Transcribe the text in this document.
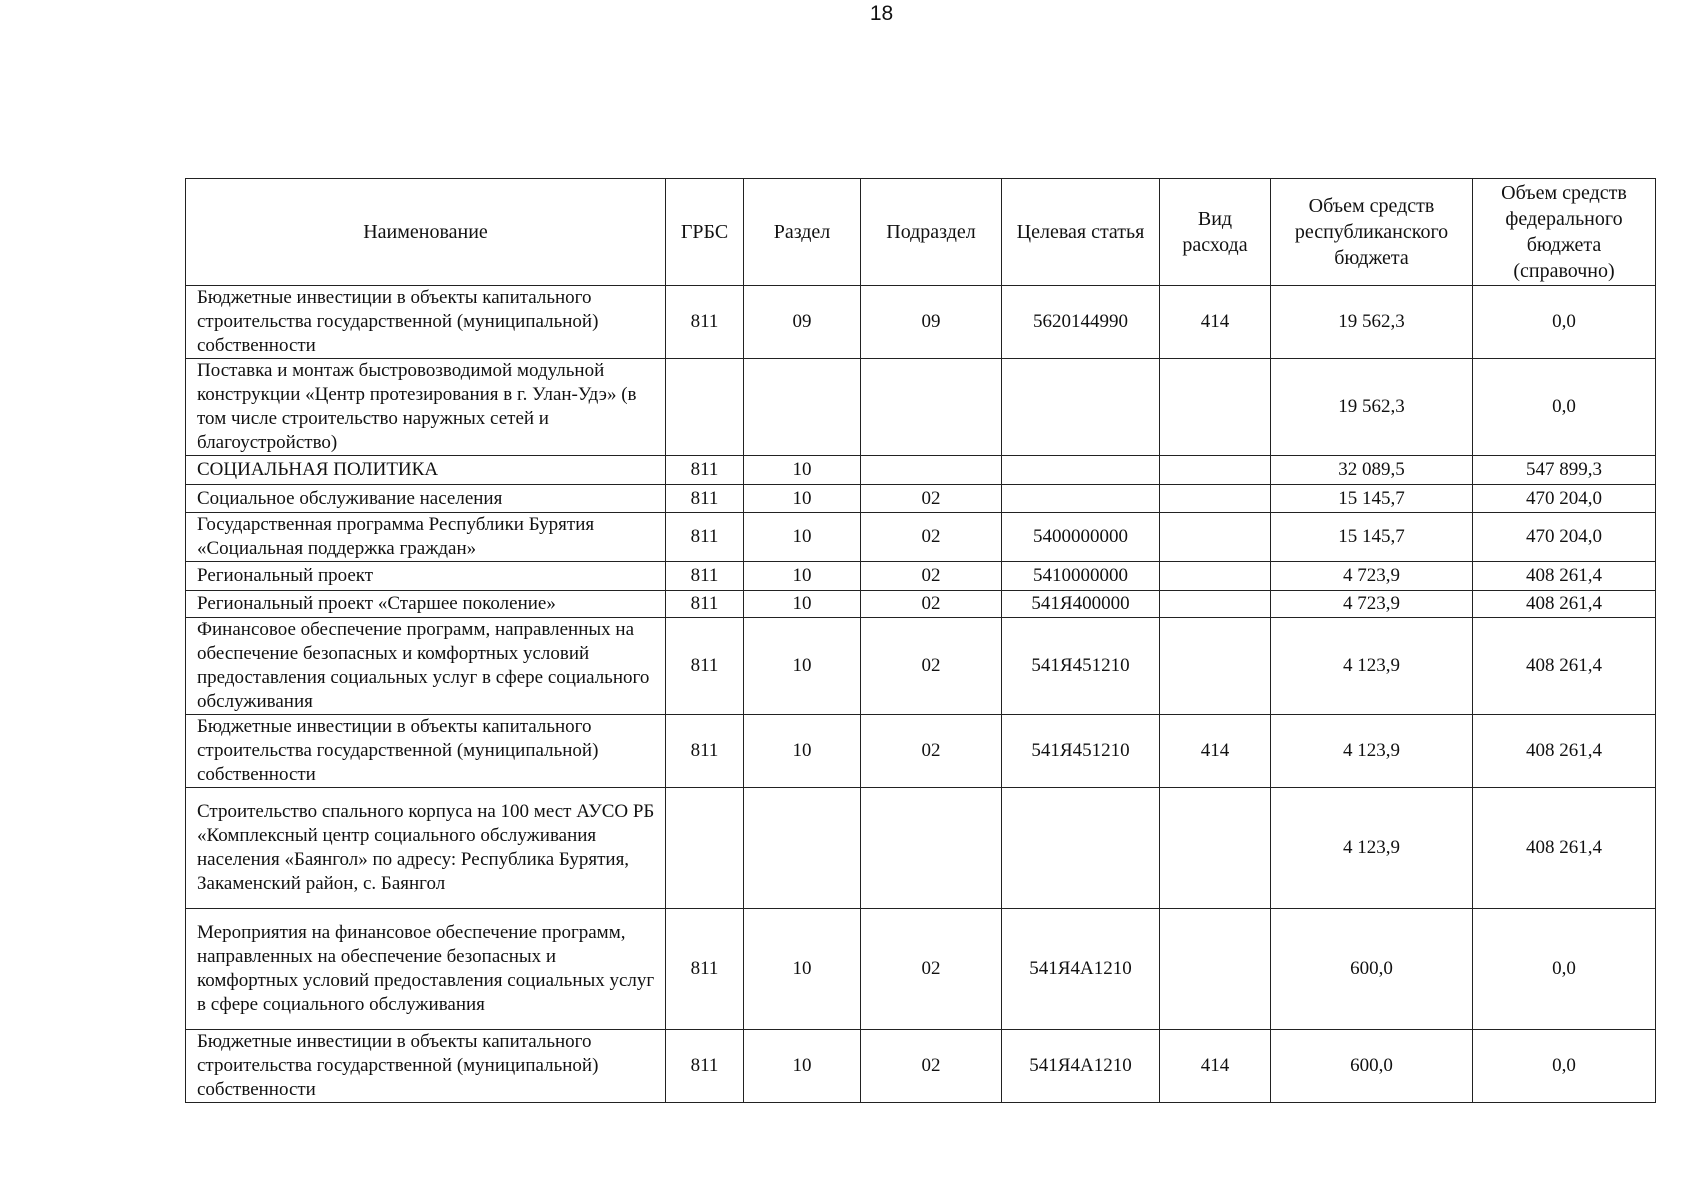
18
Наименование	ГРБС	Раздел	Подраздел	Целевая статья	Вид расхода	Объем средств республиканского бюджета	Объем средств федерального бюджета (справочно)
Бюджетные инвестиции в объекты капитального строительства государственной (муниципальной) собственности	811	09	09	5620144990	414	19 562,3	0,0
Поставка и монтаж быстровозводимой модульной конструкции «Центр протезирования в г. Улан-Удэ» (в том числе строительство наружных сетей и благоустройство)						19 562,3	0,0
СОЦИАЛЬНАЯ ПОЛИТИКА	811	10				32 089,5	547 899,3
Социальное обслуживание населения	811	10	02			15 145,7	470 204,0
Государственная программа Республики Бурятия «Социальная поддержка граждан»	811	10	02	5400000000		15 145,7	470 204,0
Региональный проект	811	10	02	5410000000		4 723,9	408 261,4
Региональный проект «Старшее поколение»	811	10	02	541Я400000		4 723,9	408 261,4
Финансовое обеспечение программ, направленных на обеспечение безопасных и комфортных условий предоставления социальных услуг в сфере социального обслуживания	811	10	02	541Я451210		4 123,9	408 261,4
Бюджетные инвестиции в объекты капитального строительства государственной (муниципальной) собственности	811	10	02	541Я451210	414	4 123,9	408 261,4
Строительство спального корпуса на 100 мест АУСО РБ «Комплексный центр социального обслуживания населения «Баянгол» по адресу: Республика Бурятия, Закаменский район, с. Баянгол						4 123,9	408 261,4
Мероприятия на финансовое обеспечение программ, направленных на обеспечение безопасных и комфортных условий предоставления социальных услуг в сфере социального обслуживания	811	10	02	541Я4А1210		600,0	0,0
Бюджетные инвестиции в объекты капитального строительства государственной (муниципальной) собственности	811	10	02	541Я4А1210	414	600,0	0,0
